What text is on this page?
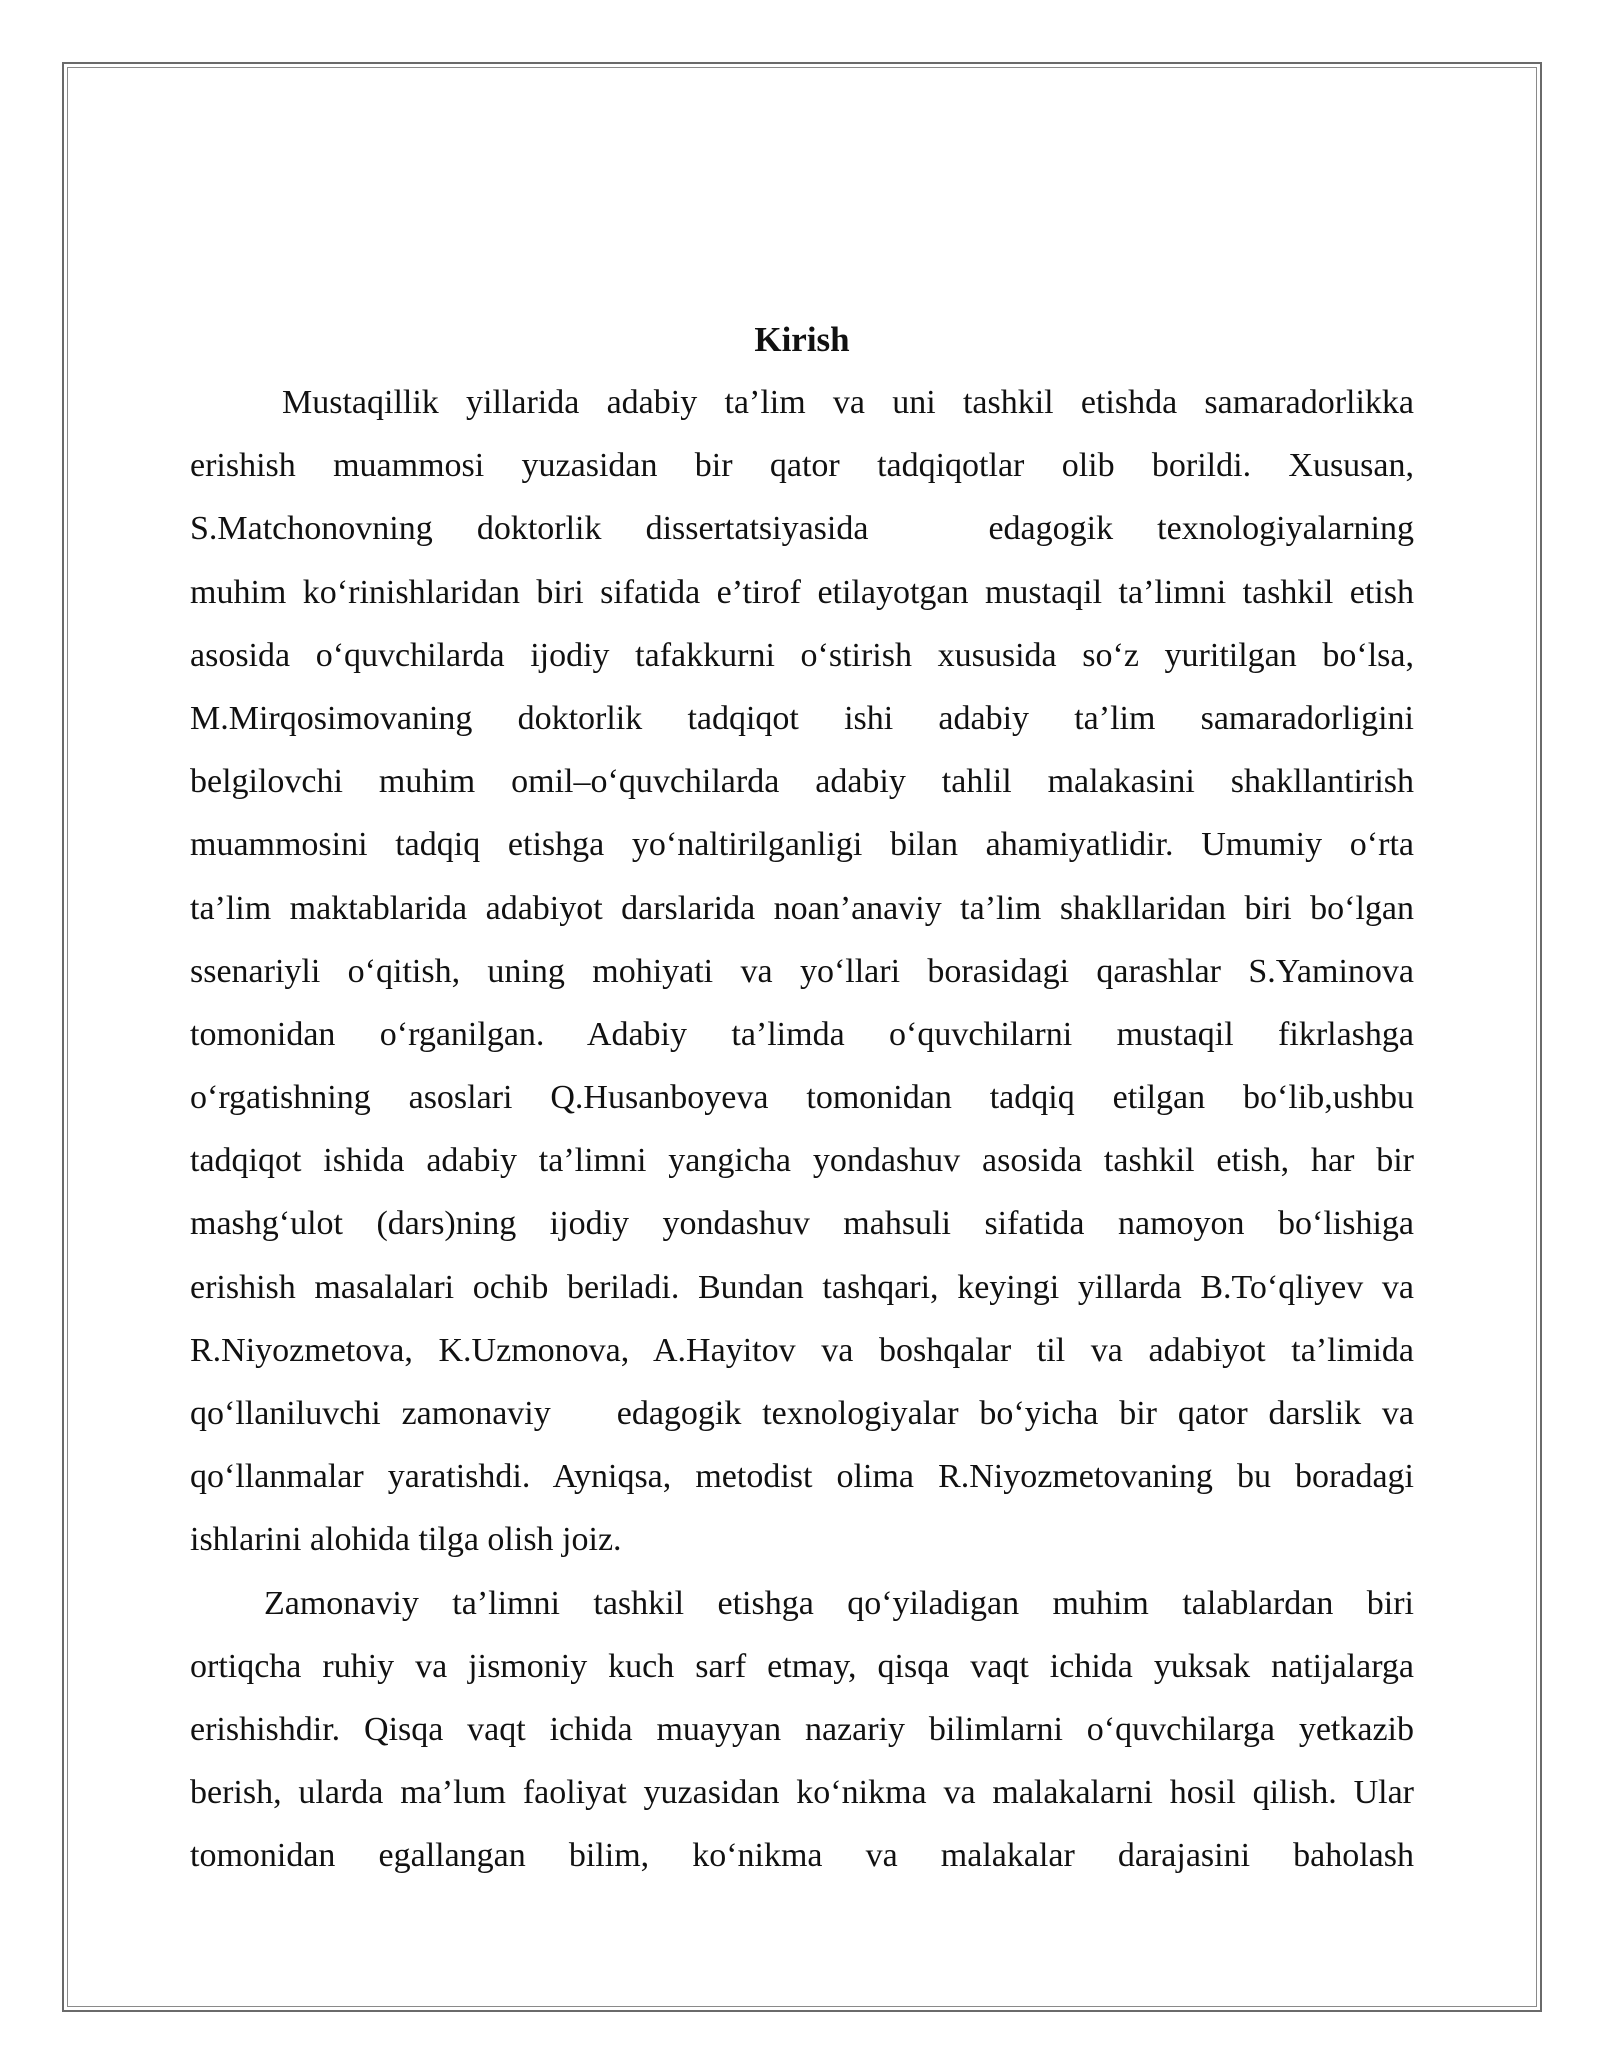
Kirish
Mustaqillik yillarida adabiy ta’lim va uni tashkil etishda samaradorlikka
erishish muammosi yuzasidan bir qator tadqiqotlar olib borildi. Xususan,
S.Matchonovning doktorlik dissertatsiyasida	edagogik texnologiyalarning
muhim ko‘rinishlaridan biri sifatida e’tirof etilayotgan mustaqil ta’limni tashkil etish
asosida o‘quvchilarda ijodiy tafakkurni o‘stirish xususida so‘z yuritilgan bo‘lsa,
M.Mirqosimovaning doktorlik tadqiqot ishi adabiy ta’lim samaradorligini
belgilovchi muhim omil–o‘quvchilarda adabiy tahlil malakasini shakllantirish
muammosini tadqiq etishga yo‘naltirilganligi bilan ahamiyatlidir. Umumiy o‘rta
ta’lim maktablarida adabiyot darslarida noan’anaviy ta’lim shakllaridan biri bo‘lgan
ssenariyli o‘qitish, uning mohiyati va yo‘llari borasidagi qarashlar S.Yaminova
tomonidan o‘rganilgan. Adabiy ta’limda o‘quvchilarni mustaqil fikrlashga
o‘rgatishning asoslari Q.Husanboyeva tomonidan tadqiq etilgan bo‘lib,ushbu
tadqiqot ishida adabiy ta’limni yangicha yondashuv asosida tashkil etish, har bir
mashg‘ulot (dars)ning ijodiy yondashuv mahsuli sifatida namoyon bo‘lishiga
erishish masalalari ochib beriladi. Bundan tashqari, keyingi yillarda B.To‘qliyev va
R.Niyozmetova, K.Uzmonova, A.Hayitov va boshqalar til va adabiyot ta’limida
qo‘llaniluvchi zamonaviy edagogik texnologiyalar bo‘yicha bir qator darslik va
qo‘llanmalar yaratishdi. Ayniqsa, metodist olima R.Niyozmetovaning bu boradagi
ishlarini alohida tilga olish joiz.
Zamonaviy ta’limni tashkil etishga qo‘yiladigan muhim talablardan biri
ortiqcha ruhiy va jismoniy kuch sarf etmay, qisqa vaqt ichida yuksak natijalarga
erishishdir. Qisqa vaqt ichida muayyan nazariy bilimlarni o‘quvchilarga yetkazib
berish, ularda ma’lum faoliyat yuzasidan ko‘nikma va malakalarni hosil qilish. Ular
tomonidan egallangan bilim, ko‘nikma va malakalar darajasini baholash
